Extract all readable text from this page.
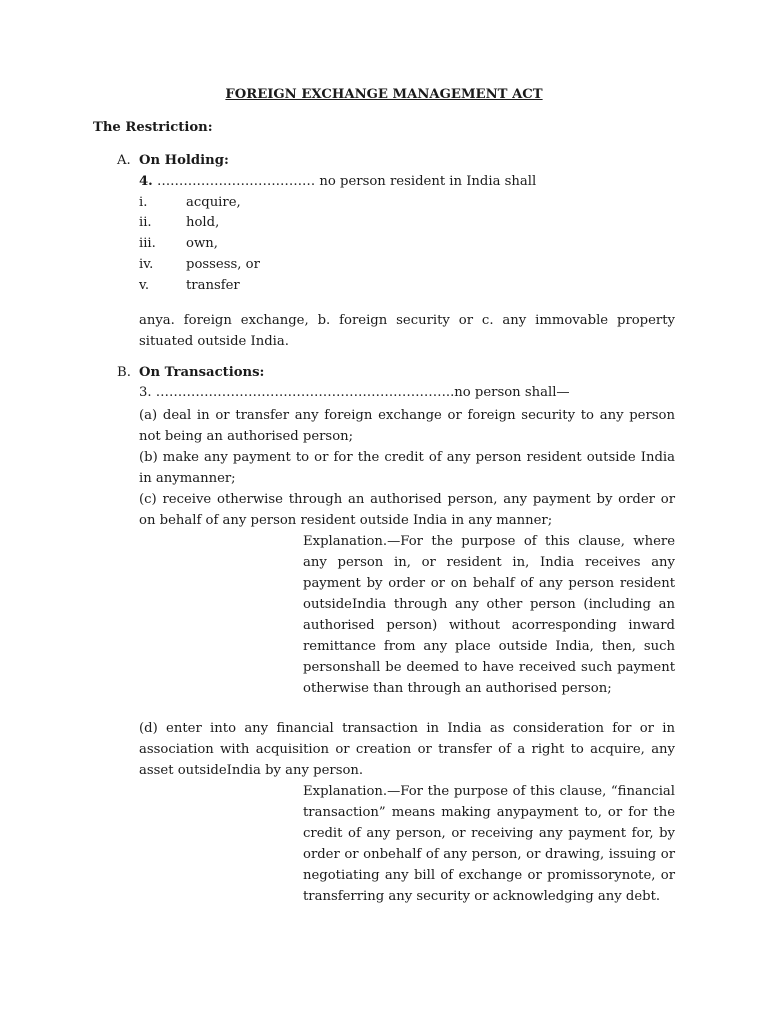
FOREIGN EXCHANGE MANAGEMENT ACT
The Restriction:
A. On Holding:
4. ……………………………… no person resident in India shall
i.	acquire,
ii.	hold,
iii. own,
iv. possess, or
v.	transfer

anya. foreign exchange, b. foreign security or c. any immovable property situated outside India.

B. On Transactions:
3. …………………………………………………………..no person shall—

(a) deal in or transfer any foreign exchange or foreign security to any person not being an authorised person;

(b) make any payment to or for the credit of any person resident outside India in anymanner;

(c) receive otherwise through an authorised person, any payment by order or on behalf of any person resident outside India in any manner;

Explanation.—For the purpose of this clause, where any person in, or resident in, India receives any payment by order or on behalf of any person resident outsideIndia through any other person (including an authorised person) without acorresponding inward remittance from any place outside India, then, such personshall be deemed to have received such payment otherwise than through an authorised person;

(d) enter into any financial transaction in India as consideration for or in association with acquisition or creation or transfer of a right to acquire, any asset outsideIndia by any person.

Explanation.—For the purpose of this clause, “financial transaction” means making anypayment to, or for the credit of any person, or receiving any payment for, by order or onbehalf of any person, or drawing, issuing or negotiating any bill of exchange or promissorynote, or transferring any security or acknowledging any debt.
